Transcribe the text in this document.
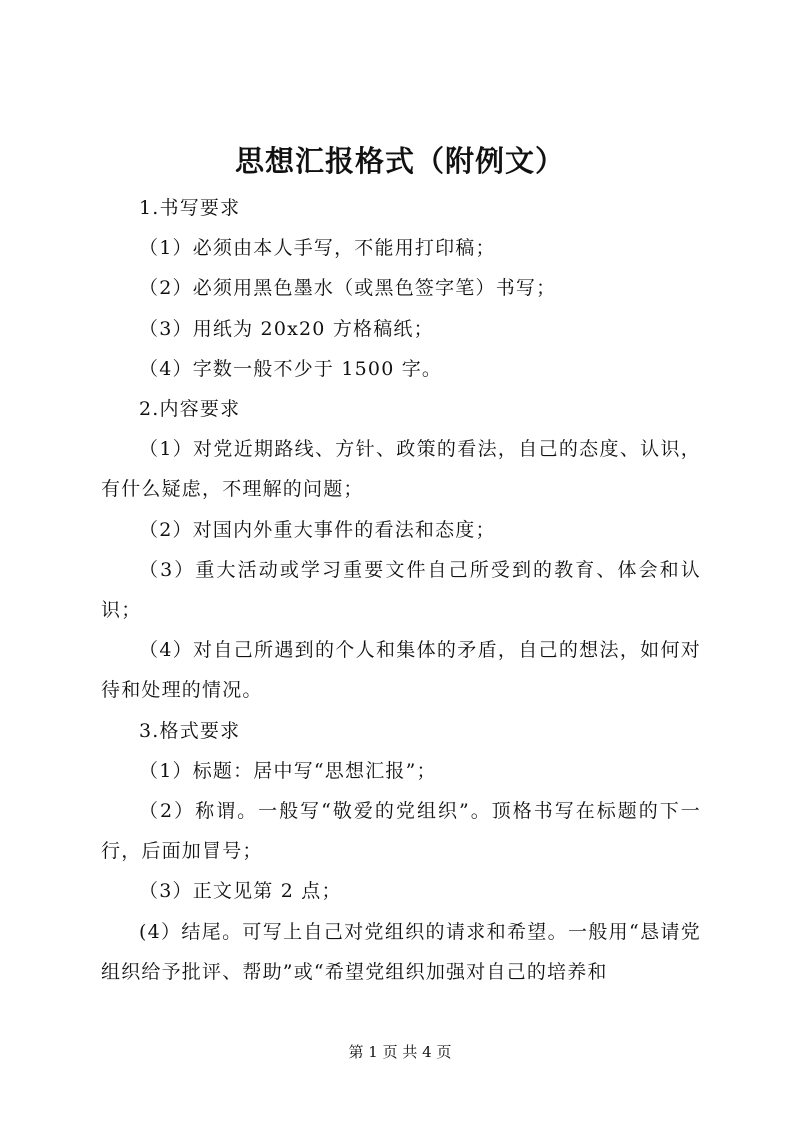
思想汇报格式（附例文）

1.书写要求

（1）必须由本人手写，不能用打印稿；

（2）必须用黑色墨水（或黑色签字笔）书写；

（3）用纸为 20x20 方格稿纸；

（4）字数一般不少于 1500 字。

2.内容要求

（1）对党近期路线、方针、政策的看法，自己的态度、认识，有什么疑虑，不理解的问题；

（2）对国内外重大事件的看法和态度；

（3）重大活动或学习重要文件自己所受到的教育、体会和认识；

（4）对自己所遇到的个人和集体的矛盾，自己的想法，如何对待和处理的情况。

3.格式要求

（1）标题：居中写“思想汇报”；

（2）称谓。一般写“敬爱的党组织”。顶格书写在标题的下一行，后面加冒号；

（3）正文见第 2 点；

(4）结尾。可写上自己对党组织的请求和希望。一般用“恳请党组织给予批评、帮助”或“希望党组织加强对自己的培养和

第 1 页 共 4 页
